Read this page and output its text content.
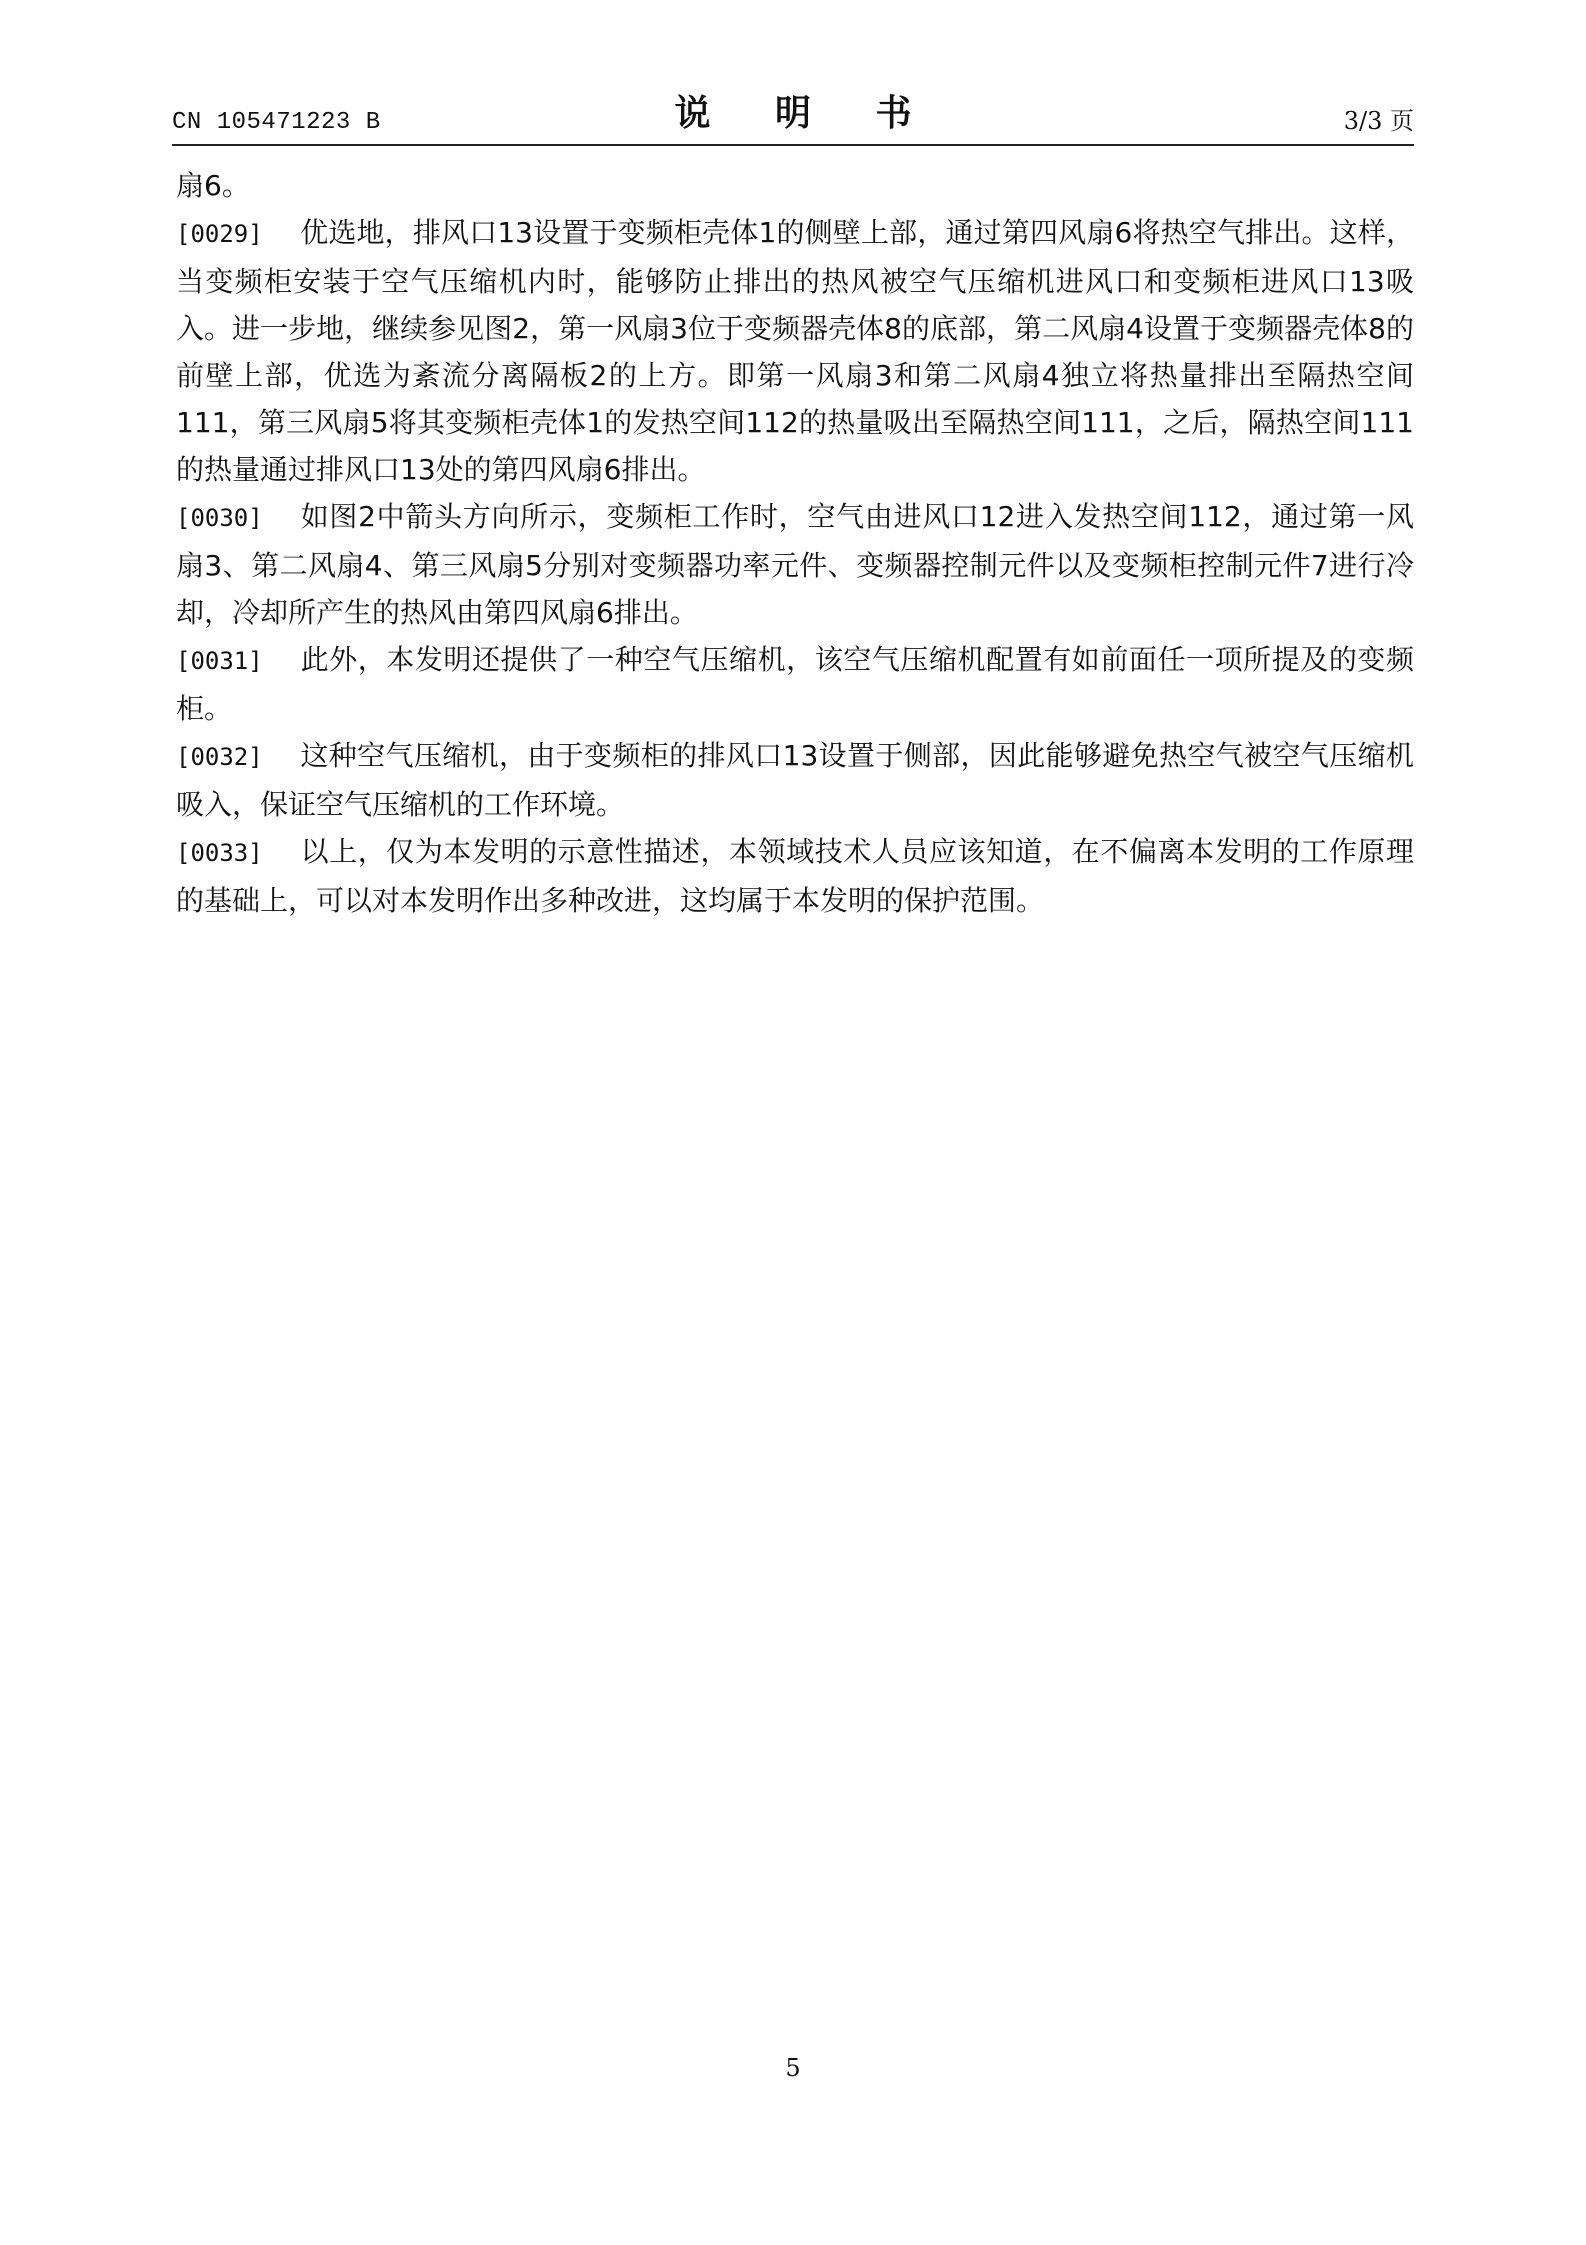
CN 105471223 B	说 明 书	3/3 页

扇6。

[0029] 优选地，排风口13设置于变频柜壳体1的侧壁上部，通过第四风扇6将热空气排出。这样，当变频柜安装于空气压缩机内时，能够防止排出的热风被空气压缩机进风口和变频柜进风口13吸入。进一步地，继续参见图2，第一风扇3位于变频器壳体8的底部，第二风扇4设置于变频器壳体8的前壁上部，优选为紊流分离隔板2的上方。即第一风扇3和第二风扇4独立将热量排出至隔热空间111，第三风扇5将其变频柜壳体1的发热空间112的热量吸出至隔热空间111，之后，隔热空间111的热量通过排风口13处的第四风扇6排出。

[0030] 如图2中箭头方向所示，变频柜工作时，空气由进风口12进入发热空间112，通过第一风扇3、第二风扇4、第三风扇5分别对变频器功率元件、变频器控制元件以及变频柜控制元件7进行冷却，冷却所产生的热风由第四风扇6排出。

[0031] 此外，本发明还提供了一种空气压缩机，该空气压缩机配置有如前面任一项所提及的变频柜。

[0032] 这种空气压缩机，由于变频柜的排风口13设置于侧部，因此能够避免热空气被空气压缩机吸入，保证空气压缩机的工作环境。

[0033] 以上，仅为本发明的示意性描述，本领域技术人员应该知道，在不偏离本发明的工作原理的基础上，可以对本发明作出多种改进，这均属于本发明的保护范围。

5
